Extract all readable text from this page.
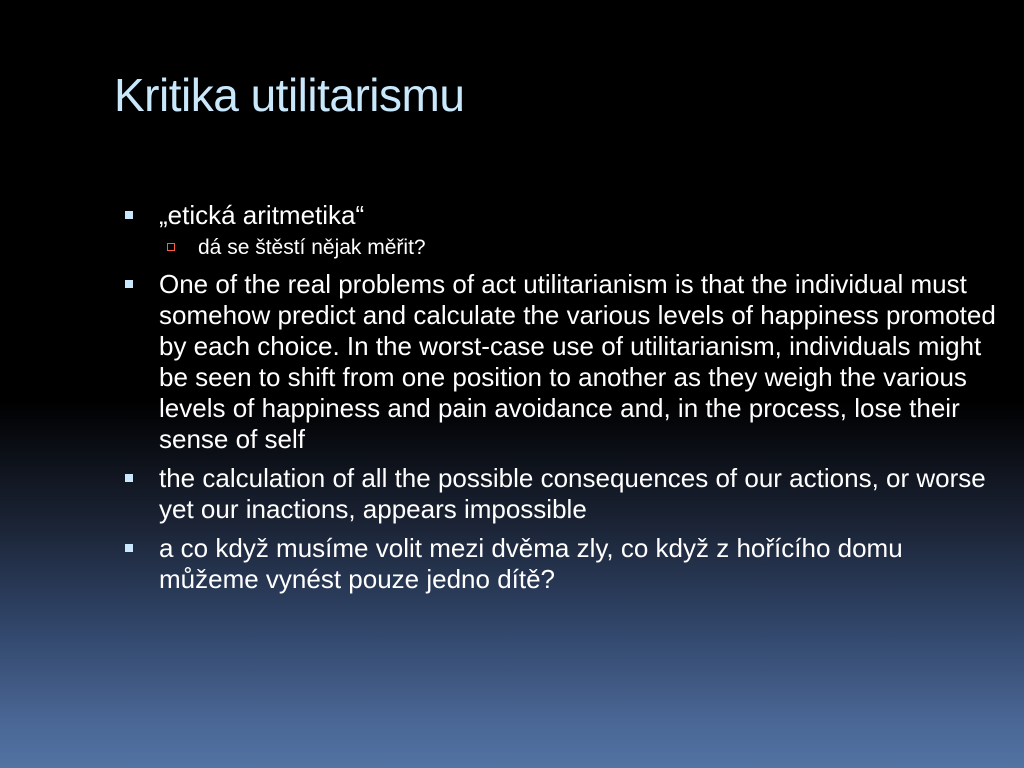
Kritika utilitarismu
„etická aritmetika“
dá se štěstí nějak měřit?
One of the real problems of act utilitarianism is that the individual must somehow predict and calculate the various levels of happiness promoted by each choice. In the worst-case use of utilitarianism, individuals might be seen to shift from one position to another as they weigh the various levels of happiness and pain avoidance and, in the process, lose their sense of self
the calculation of all the possible consequences of our actions, or worse yet our inactions, appears impossible
a co když musíme volit mezi dvěma zly, co když z hořícího domu můžeme vynést pouze jedno dítě?
